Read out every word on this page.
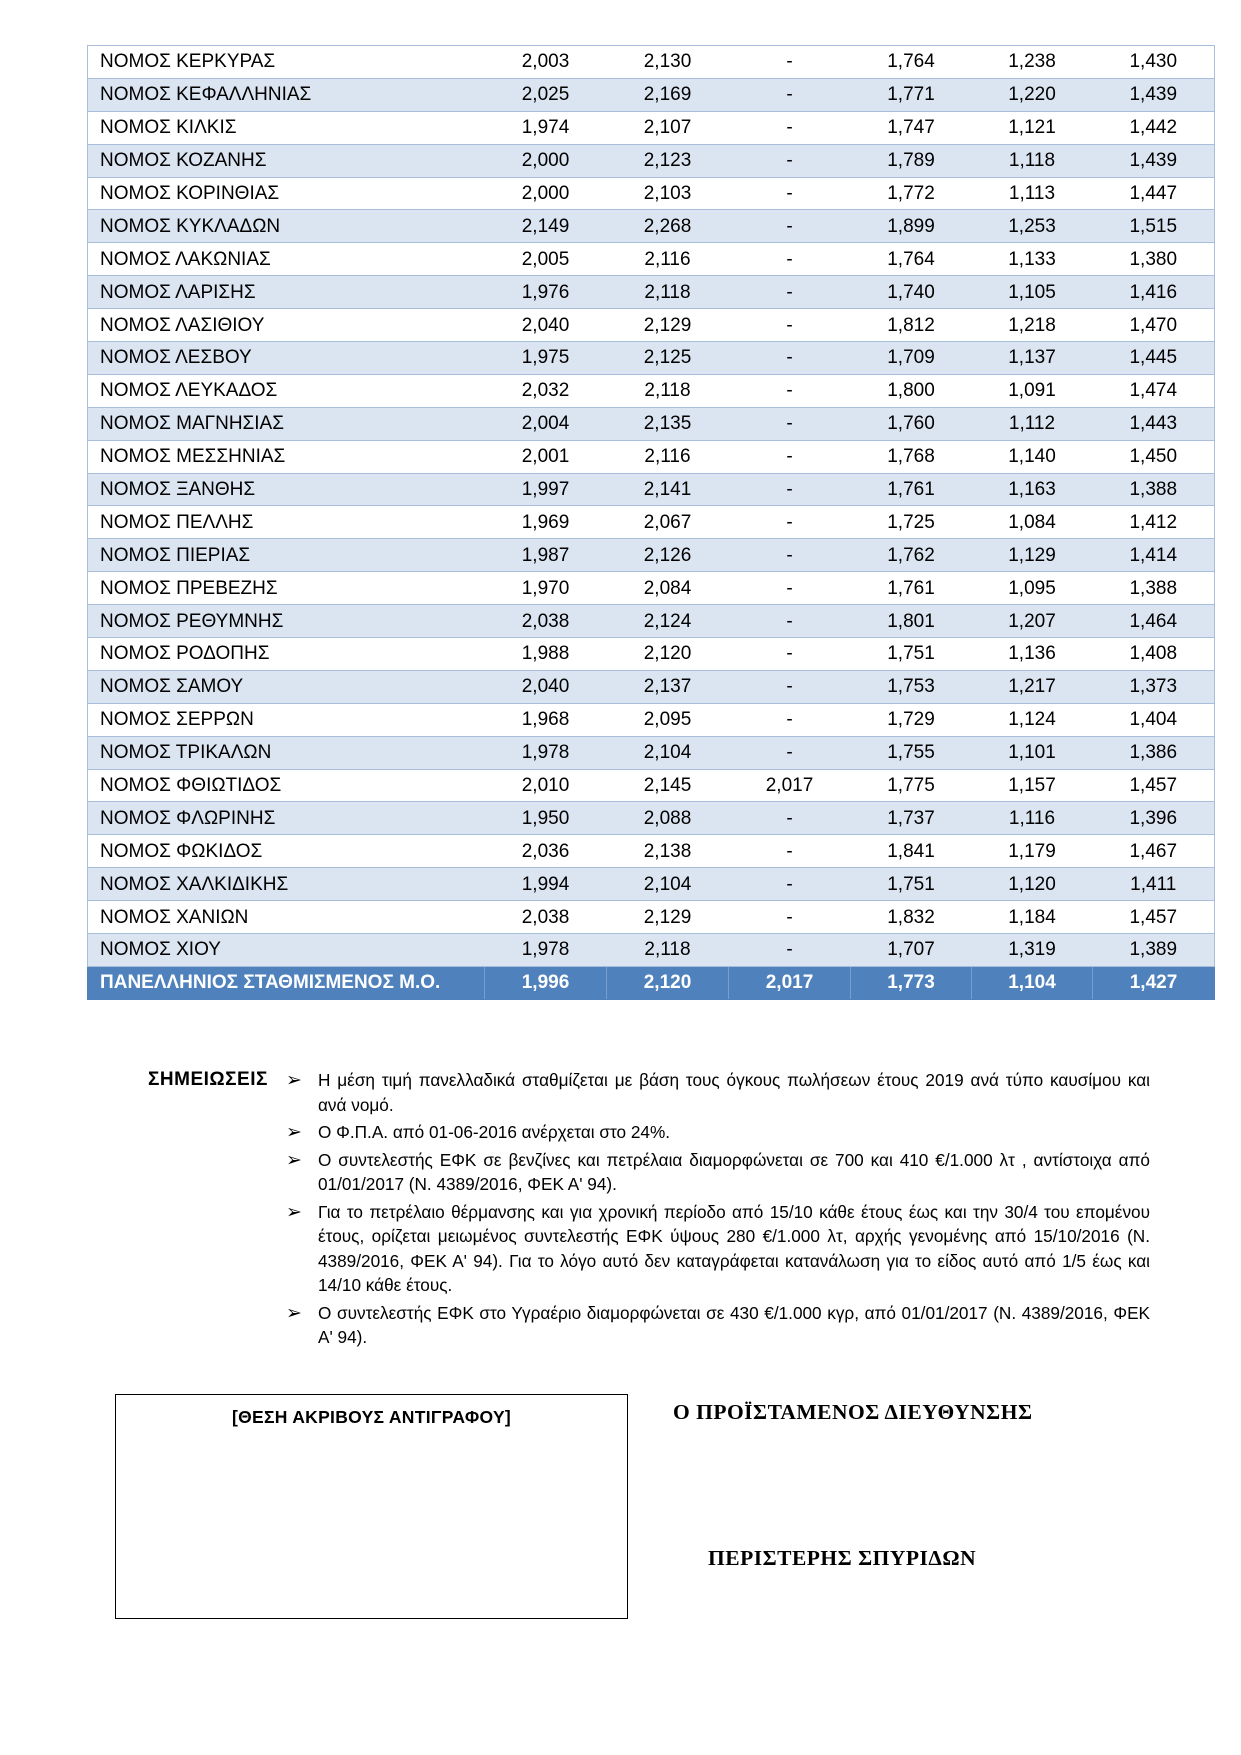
ΝΟΜΟΣ ΚΕΡΚΥΡΑΣ	2,003	2,130	-	1,764	1,238	1,430
ΝΟΜΟΣ ΚΕΦΑΛΛΗΝΙΑΣ	2,025	2,169	-	1,771	1,220	1,439
ΝΟΜΟΣ ΚΙΛΚΙΣ	1,974	2,107	-	1,747	1,121	1,442
ΝΟΜΟΣ ΚΟΖΑΝΗΣ	2,000	2,123	-	1,789	1,118	1,439
ΝΟΜΟΣ ΚΟΡΙΝΘΙΑΣ	2,000	2,103	-	1,772	1,113	1,447
ΝΟΜΟΣ ΚΥΚΛΑΔΩΝ	2,149	2,268	-	1,899	1,253	1,515
ΝΟΜΟΣ ΛΑΚΩΝΙΑΣ	2,005	2,116	-	1,764	1,133	1,380
ΝΟΜΟΣ ΛΑΡΙΣΗΣ	1,976	2,118	-	1,740	1,105	1,416
ΝΟΜΟΣ ΛΑΣΙΘΙΟΥ	2,040	2,129	-	1,812	1,218	1,470
ΝΟΜΟΣ ΛΕΣΒΟΥ	1,975	2,125	-	1,709	1,137	1,445
ΝΟΜΟΣ ΛΕΥΚΑΔΟΣ	2,032	2,118	-	1,800	1,091	1,474
ΝΟΜΟΣ ΜΑΓΝΗΣΙΑΣ	2,004	2,135	-	1,760	1,112	1,443
ΝΟΜΟΣ ΜΕΣΣΗΝΙΑΣ	2,001	2,116	-	1,768	1,140	1,450
ΝΟΜΟΣ ΞΑΝΘΗΣ	1,997	2,141	-	1,761	1,163	1,388
ΝΟΜΟΣ ΠΕΛΛΗΣ	1,969	2,067	-	1,725	1,084	1,412
ΝΟΜΟΣ ΠΙΕΡΙΑΣ	1,987	2,126	-	1,762	1,129	1,414
ΝΟΜΟΣ ΠΡΕΒΕΖΗΣ	1,970	2,084	-	1,761	1,095	1,388
ΝΟΜΟΣ ΡΕΘΥΜΝΗΣ	2,038	2,124	-	1,801	1,207	1,464
ΝΟΜΟΣ ΡΟΔΟΠΗΣ	1,988	2,120	-	1,751	1,136	1,408
ΝΟΜΟΣ ΣΑΜΟΥ	2,040	2,137	-	1,753	1,217	1,373
ΝΟΜΟΣ ΣΕΡΡΩΝ	1,968	2,095	-	1,729	1,124	1,404
ΝΟΜΟΣ ΤΡΙΚΑΛΩΝ	1,978	2,104	-	1,755	1,101	1,386
ΝΟΜΟΣ ΦΘΙΩΤΙΔΟΣ	2,010	2,145	2,017	1,775	1,157	1,457
ΝΟΜΟΣ ΦΛΩΡΙΝΗΣ	1,950	2,088	-	1,737	1,116	1,396
ΝΟΜΟΣ ΦΩΚΙΔΟΣ	2,036	2,138	-	1,841	1,179	1,467
ΝΟΜΟΣ ΧΑΛΚΙΔΙΚΗΣ	1,994	2,104	-	1,751	1,120	1,411
ΝΟΜΟΣ ΧΑΝΙΩΝ	2,038	2,129	-	1,832	1,184	1,457
ΝΟΜΟΣ ΧΙΟΥ	1,978	2,118	-	1,707	1,319	1,389
ΠΑΝΕΛΛΗΝΙΟΣ ΣΤΑΘΜΙΣΜΕΝΟΣ Μ.Ο.	1,996	2,120	2,017	1,773	1,104	1,427
ΣΗΜΕΙΩΣΕΙΣ ➢ Η μέση τιμή πανελλαδικά σταθμίζεται με βάση τους όγκους πωλήσεων έτους 2019 ανά τύπο καυσίμου και ανά νομό.
➢ Ο Φ.Π.Α. από 01-06-2016 ανέρχεται στο 24%.
➢ Ο συντελεστής ΕΦΚ σε βενζίνες και πετρέλαια διαμορφώνεται σε 700 και 410 €/1.000 λτ , αντίστοιχα από 01/01/2017 (Ν. 4389/2016, ΦΕΚ Α' 94).
➢ Για το πετρέλαιο θέρμανσης και για χρονική περίοδο από 15/10 κάθε έτους έως και την 30/4 του επομένου έτους, ορίζεται μειωμένος συντελεστής ΕΦΚ ύψους 280 €/1.000 λτ, αρχής γενομένης από 15/10/2016 (Ν. 4389/2016, ΦΕΚ Α' 94). Για το λόγο αυτό δεν καταγράφεται κατανάλωση για το είδος αυτό από 1/5 έως και 14/10 κάθε έτους.
➢ Ο συντελεστής ΕΦΚ στο Υγραέριο διαμορφώνεται σε 430 €/1.000 κγρ, από 01/01/2017 (Ν. 4389/2016, ΦΕΚ Α' 94).
[ΘΕΣΗ ΑΚΡΙΒΟΥΣ ΑΝΤΙΓΡΑΦΟΥ]	Ο ΠΡΟΪΣΤΑΜΕΝΟΣ ΔΙΕΥΘΥΝΣΗΣ
ΠΕΡΙΣΤΕΡΗΣ ΣΠΥΡΙΔΩΝ
